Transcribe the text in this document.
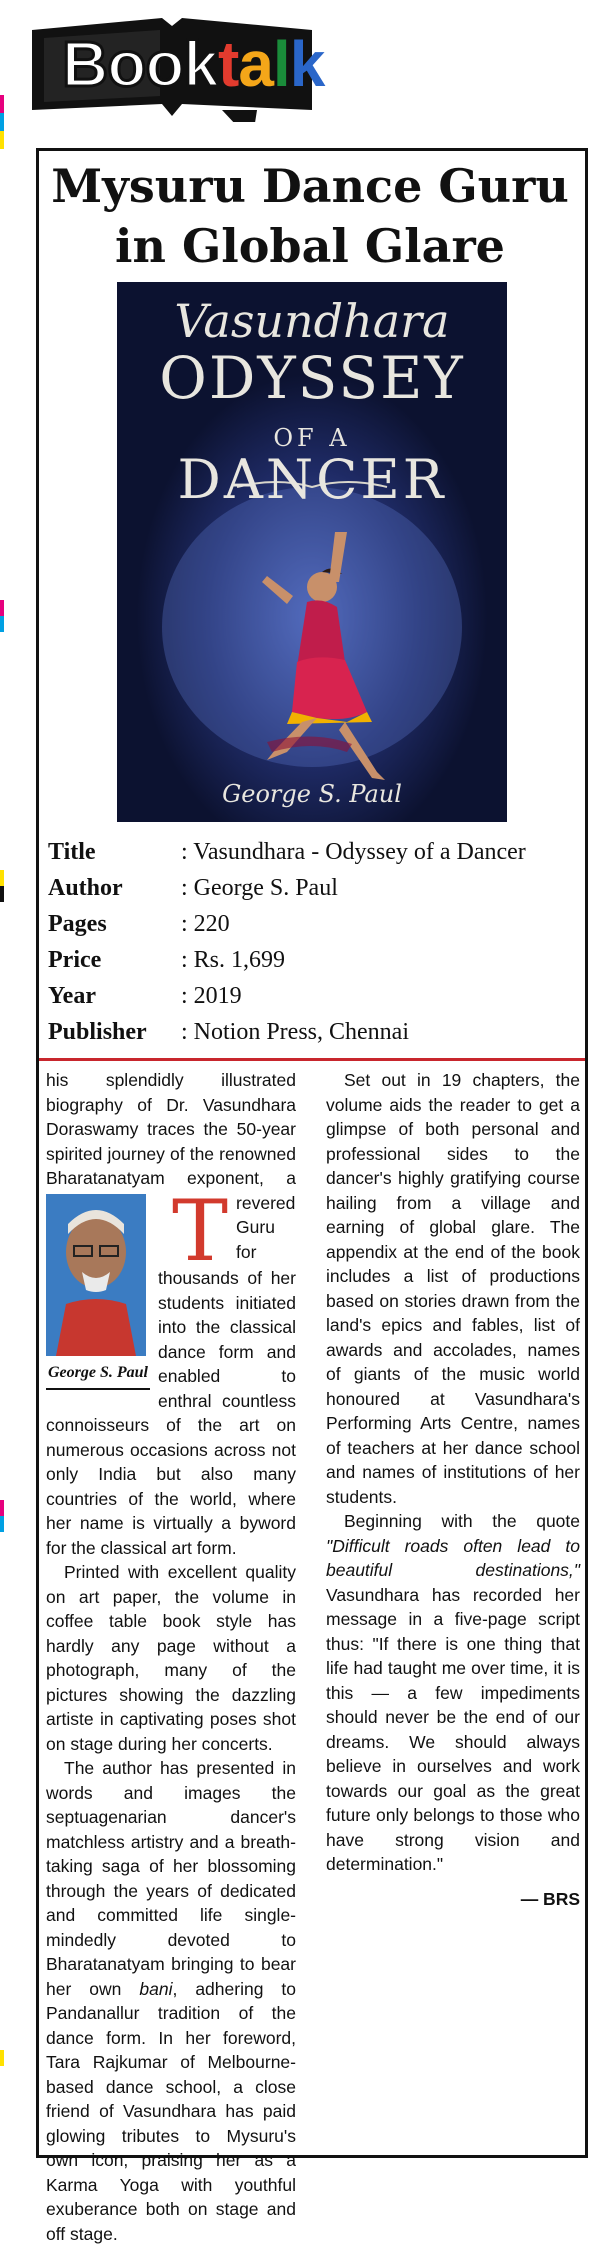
Booktalk
Mysuru Dance Guru
in Global Glare
Vasundhara
ODYSSEY
OF A
DANCER
George S. Paul
Title	: Vasundhara - Odyssey of a Dancer
Author : George S. Paul
Pages	: 220
Price	: Rs. 1,699
Year	: 2019
Publisher : Notion Press, Chennai

T
his splendidly illustrated biography of Dr. Vasundhara Doraswamy traces the 50-year spirited journey of the renowned Bharatanatyam exponent, a revered Guru for thousands of her students initiated into the classical dance form and enabled to enthral countless connoisseurs of the art on numerous occasions across not only India but also many countries of the world, where her name is virtually a byword for the classical art form.

Printed with excellent quality on art paper, the volume in coffee table book style has hardly any page without a photograph, many of the pictures showing the dazzling artiste in captivating poses shot on stage during her concerts.

The author has presented in words and images the septuagenarian dancer's matchless artistry and a breath-taking saga of her blossoming through the years of dedicated and committed life single-mindedly devoted to Bharatanatyam bringing to bear her own bani, adhering to Pandanallur tradition of the dance form. In her foreword, Tara Rajkumar of Melbourne-based dance school, a close friend of Vasundhara has paid glowing tributes to Mysuru's own icon, praising her as a Karma Yoga with youthful exuberance both on stage and off stage.

George S. Paul

Set out in 19 chapters, the volume aids the reader to get a glimpse of both personal and professional sides to the dancer's highly gratifying course hailing from a village and earning of global glare. The appendix at the end of the book includes a list of productions based on stories drawn from the land's epics and fables, list of awards and accolades, names of giants of the music world honoured at Vasundhara's Performing Arts Centre, names of teachers at her dance school and names of institutions of her students.

Beginning with the quote "Difficult roads often lead to beautiful destinations," Vasundhara has recorded her message in a five-page script thus: "If there is one thing that life had taught me over time, it is this — a few impediments should never be the end of our dreams. We should always believe in ourselves and work towards our goal as the great future only belongs to those who have strong vision and determination."

— BRS
